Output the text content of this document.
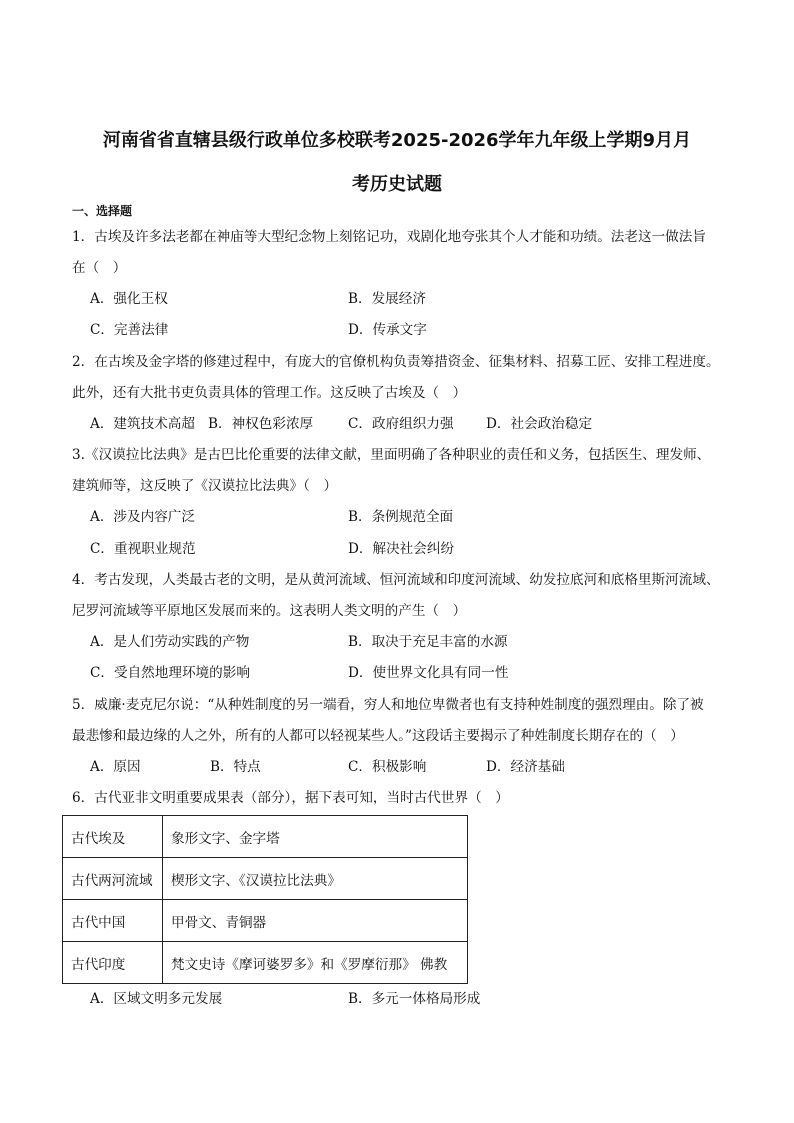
河南省省直辖县级行政单位多校联考2025-2026学年九年级上学期9月月
考历史试题
一、选择题
1．古埃及许多法老都在神庙等大型纪念物上刻铭记功，戏剧化地夸张其个人才能和功绩。法老这一做法旨
在（　）
A．强化王权	B．发展经济
C．完善法律	D．传承文字
2．在古埃及金字塔的修建过程中，有庞大的官僚机构负责筹措资金、征集材料、招募工匠、安排工程进度。
此外，还有大批书吏负责具体的管理工作。这反映了古埃及（　）
A．建筑技术高超 B．神权色彩浓厚	C．政府组织力强 D．社会政治稳定
3.《汉谟拉比法典》是古巴比伦重要的法律文献，里面明确了各种职业的责任和义务，包括医生、理发师、
建筑师等，这反映了《汉谟拉比法典》（　）
A．涉及内容广泛	B．条例规范全面
C．重视职业规范	D．解决社会纠纷
4．考古发现，人类最古老的文明，是从黄河流域、恒河流域和印度河流域、幼发拉底河和底格里斯河流域、
尼罗河流域等平原地区发展而来的。这表明人类文明的产生（　）
A．是人们劳动实践的产物	B．取决于充足丰富的水源
C．受自然地理环境的影响	D．使世界文化具有同一性
5．威廉·麦克尼尔说：“从种姓制度的另一端看，穷人和地位卑微者也有支持种姓制度的强烈理由。除了被
最悲惨和最边缘的人之外，所有的人都可以轻视某些人。”这段话主要揭示了种姓制度长期存在的（　）
A．原因	B．特点	C．积极影响	D．经济基础
6．古代亚非文明重要成果表（部分），据下表可知，当时古代世界（　）
古代埃及	象形文字、金字塔
古代两河流域	楔形文字、《汉谟拉比法典》
古代中国	甲骨文、青铜器
古代印度	梵文史诗《摩诃婆罗多》和《罗摩衍那》 佛教
A．区域文明多元发展	B．多元一体格局形成
